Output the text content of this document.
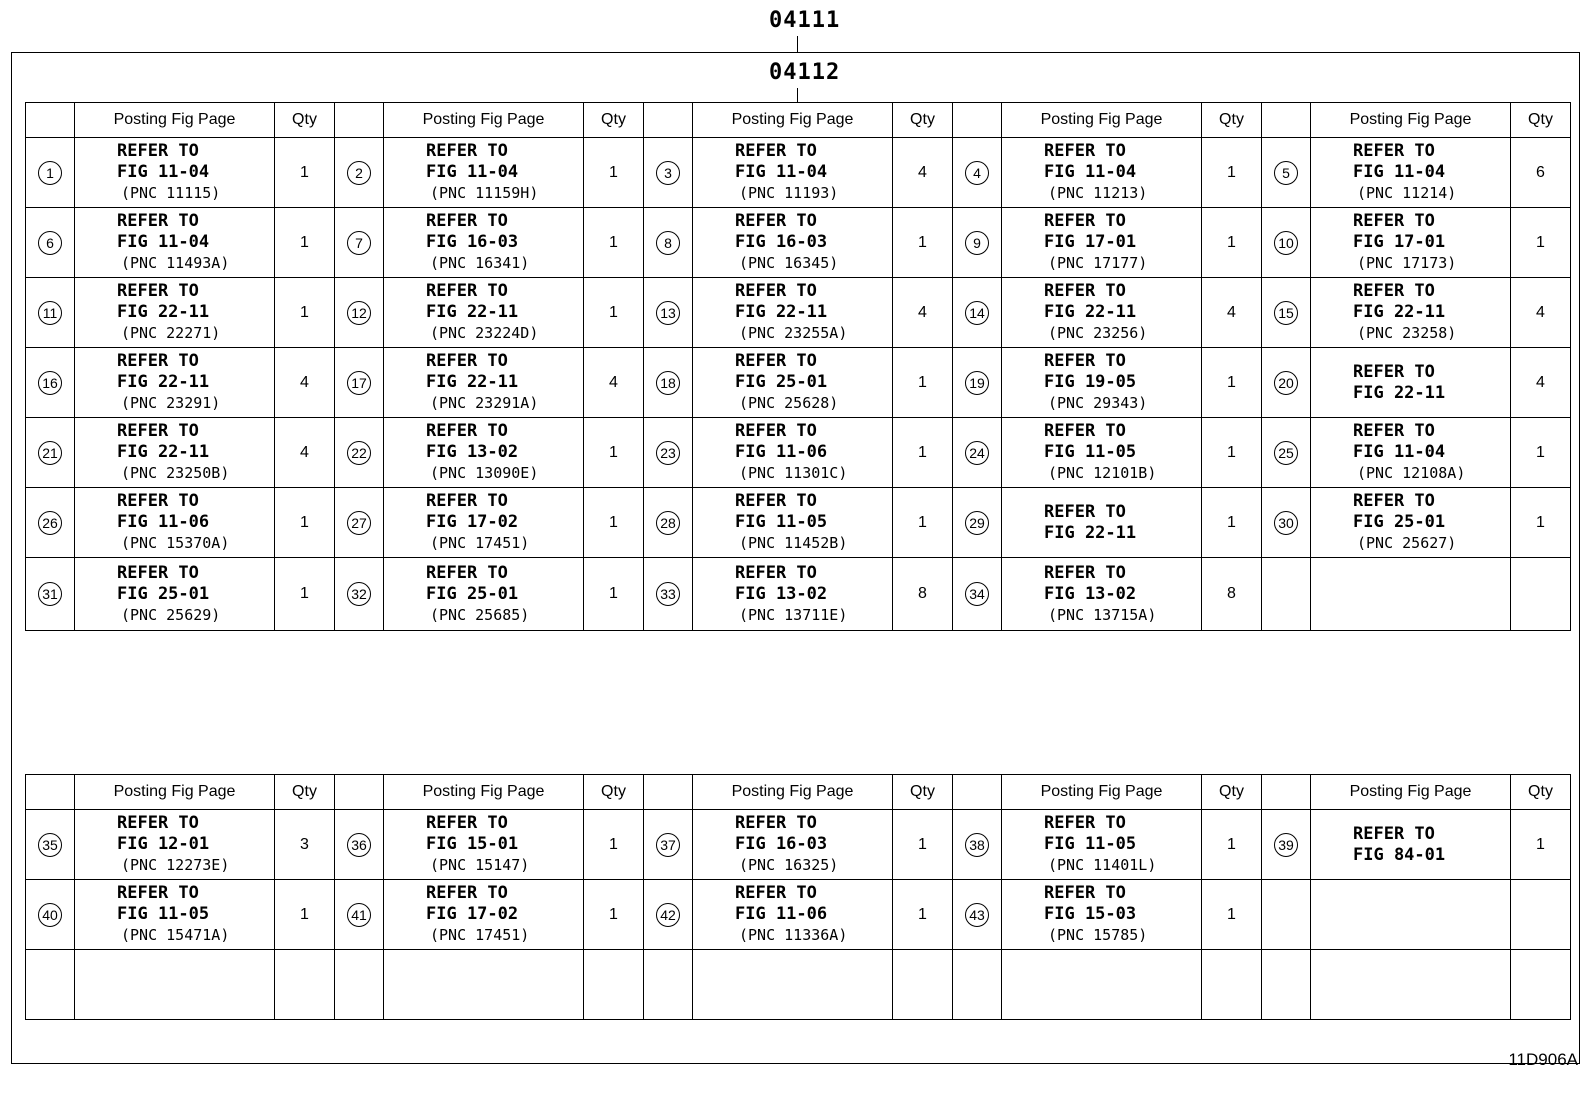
04111
04112
	Posting Fig Page	Qty		Posting Fig Page	Qty		Posting Fig Page	Qty		Posting Fig Page	Qty		Posting Fig Page	Qty
1	REFER TO
FIG 11-04
(PNC 11115)	1	2	REFER TO
FIG 11-04
(PNC 11159H)	1	3	REFER TO
FIG 11-04
(PNC 11193)	4	4	REFER TO
FIG 11-04
(PNC 11213)	1	5	REFER TO
FIG 11-04
(PNC 11214)	6
6	REFER TO
FIG 11-04
(PNC 11493A)	1	7	REFER TO
FIG 16-03
(PNC 16341)	1	8	REFER TO
FIG 16-03
(PNC 16345)	1	9	REFER TO
FIG 17-01
(PNC 17177)	1	10	REFER TO
FIG 17-01
(PNC 17173)	1
11	REFER TO
FIG 22-11
(PNC 22271)	1	12	REFER TO
FIG 22-11
(PNC 23224D)	1	13	REFER TO
FIG 22-11
(PNC 23255A)	4	14	REFER TO
FIG 22-11
(PNC 23256)	4	15	REFER TO
FIG 22-11
(PNC 23258)	4
16	REFER TO
FIG 22-11
(PNC 23291)	4	17	REFER TO
FIG 22-11
(PNC 23291A)	4	18	REFER TO
FIG 25-01
(PNC 25628)	1	19	REFER TO
FIG 19-05
(PNC 29343)	1	20	REFER TO
FIG 22-11	4
21	REFER TO
FIG 22-11
(PNC 23250B)	4	22	REFER TO
FIG 13-02
(PNC 13090E)	1	23	REFER TO
FIG 11-06
(PNC 11301C)	1	24	REFER TO
FIG 11-05
(PNC 12101B)	1	25	REFER TO
FIG 11-04
(PNC 12108A)	1
26	REFER TO
FIG 11-06
(PNC 15370A)	1	27	REFER TO
FIG 17-02
(PNC 17451)	1	28	REFER TO
FIG 11-05
(PNC 11452B)	1	29	REFER TO
FIG 22-11	1	30	REFER TO
FIG 25-01
(PNC 25627)	1
31	REFER TO
FIG 25-01
(PNC 25629)	1	32	REFER TO
FIG 25-01
(PNC 25685)	1	33	REFER TO
FIG 13-02
(PNC 13711E)	8	34	REFER TO
FIG 13-02
(PNC 13715A)	8			
	Posting Fig Page	Qty		Posting Fig Page	Qty		Posting Fig Page	Qty		Posting Fig Page	Qty		Posting Fig Page	Qty
35	REFER TO
FIG 12-01
(PNC 12273E)	3	36	REFER TO
FIG 15-01
(PNC 15147)	1	37	REFER TO
FIG 16-03
(PNC 16325)	1	38	REFER TO
FIG 11-05
(PNC 11401L)	1	39	REFER TO
FIG 84-01	1
40	REFER TO
FIG 11-05
(PNC 15471A)	1	41	REFER TO
FIG 17-02
(PNC 17451)	1	42	REFER TO
FIG 11-06
(PNC 11336A)	1	43	REFER TO
FIG 15-03
(PNC 15785)	1			

11D906A
